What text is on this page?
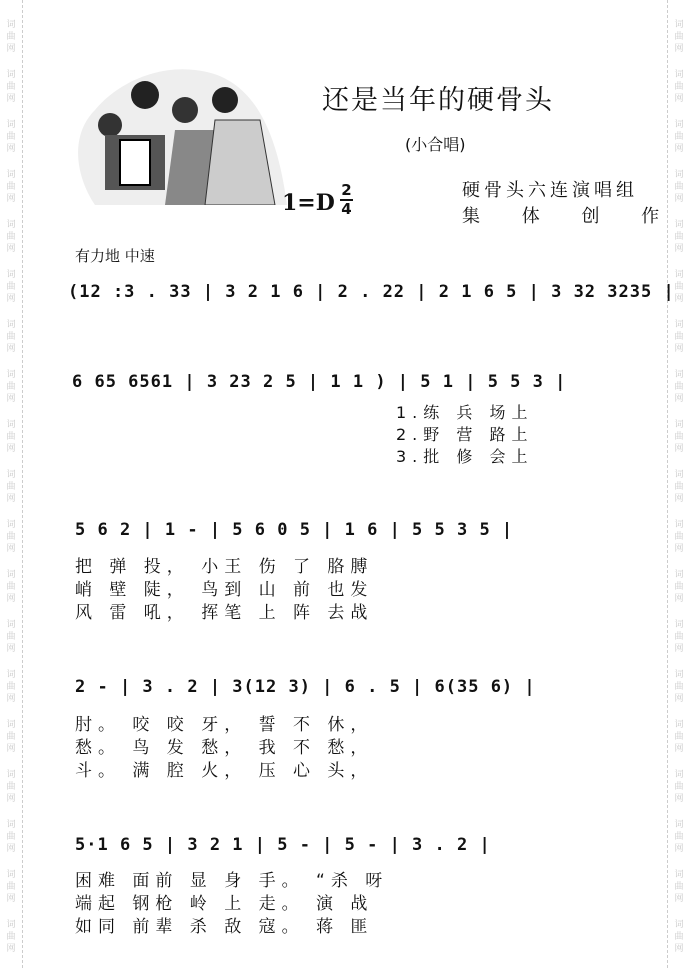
词
曲
网
词
曲
网
词
曲
网
词
曲
网
词
曲
网
词
曲
网
词
曲
网
词
曲
网
词
曲
网
词
曲
网
词
曲
网
词
曲
网
词
曲
网
词
曲
网
词
曲
网
词
曲
网
词
曲
网
词
曲
网
词
曲
网
词
曲
网
词
曲
网
词
曲
网
词
曲
网
词
曲
网
词
曲
网
词
曲
网
词
曲
网
词
曲
网
词
曲
网
词
曲
网
词
曲
网
词
曲
网
词
曲
网
词
曲
网
词
曲
网
词
曲
网
词
曲
网
词
曲
网
还是当年的硬骨头
(小合唱)
1=D 2
4
硬骨头六连演唱组
集 体 创 作
有力地 中速
(12 :3 . 33 | 3 2 1 6 | 2 . 22 | 2 1 6 5 | 3 32 3235 |
6 65 6561 | 3 23 2 5 | 1 1 ) | 5 1 | 5 5 3 |
1.练 兵 场上
2.野 营 路上
3.批 修 会上
5 6 2 | 1 - | 5 6 0 5 | 1 6 | 5 5 3 5 |
把 弹 投， 小王 伤 了 胳膊
峭 壁 陡， 鸟到 山 前 也发
风 雷 吼， 挥笔 上 阵 去战
2 - | 3 . 2 | 3(12 3) | 6 . 5 | 6(35 6) |
肘。 咬 咬 牙， 誓 不 休，
愁。 鸟 发 愁， 我 不 愁，
斗。 满 腔 火， 压 心 头，
5·1 6 5 | 3 2 1 | 5 - | 5 - | 3 . 2 |
困难 面前 显 身 手。 “杀 呀
端起 钢枪 岭 上 走。 演 战
如同 前辈 杀 敌 寇。 蒋 匪
